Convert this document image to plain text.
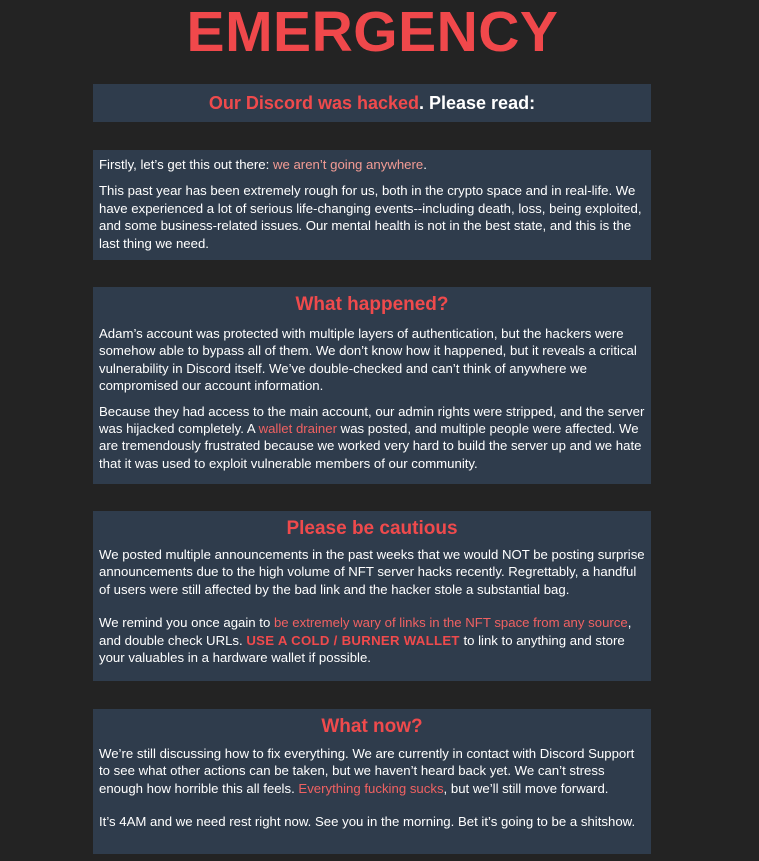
EMERGENCY
Our Discord was hacked. Please read:

Firstly, let’s get this out there: we aren’t going anywhere.

This past year has been extremely rough for us, both in the crypto space and in real-life. We have experienced a lot of serious life-changing events--including death, loss, being exploited, and some business-related issues. Our mental health is not in the best state, and this is the last thing we need.

What happened?

Adam’s account was protected with multiple layers of authentication, but the hackers were somehow able to bypass all of them. We don’t know how it happened, but it reveals a critical vulnerability in Discord itself. We’ve double-checked and can’t think of anywhere we compromised our account information.

Because they had access to the main account, our admin rights were stripped, and the server was hijacked completely. A wallet drainer was posted, and multiple people were affected. We are tremendously frustrated because we worked very hard to build the server up and we hate that it was used to exploit vulnerable members of our community.

Please be cautious

We posted multiple announcements in the past weeks that we would NOT be posting surprise announcements due to the high volume of NFT server hacks recently. Regrettably, a handful of users were still affected by the bad link and the hacker stole a substantial bag.

We remind you once again to be extremely wary of links in the NFT space from any source, and double check URLs. USE A COLD / BURNER WALLET to link to anything and store your valuables in a hardware wallet if possible.

What now?

We’re still discussing how to fix everything. We are currently in contact with Discord Support to see what other actions can be taken, but we haven’t heard back yet. We can’t stress enough how horrible this all feels. Everything fucking sucks, but we’ll still move forward.

It’s 4AM and we need rest right now. See you in the morning. Bet it’s going to be a shitshow.
